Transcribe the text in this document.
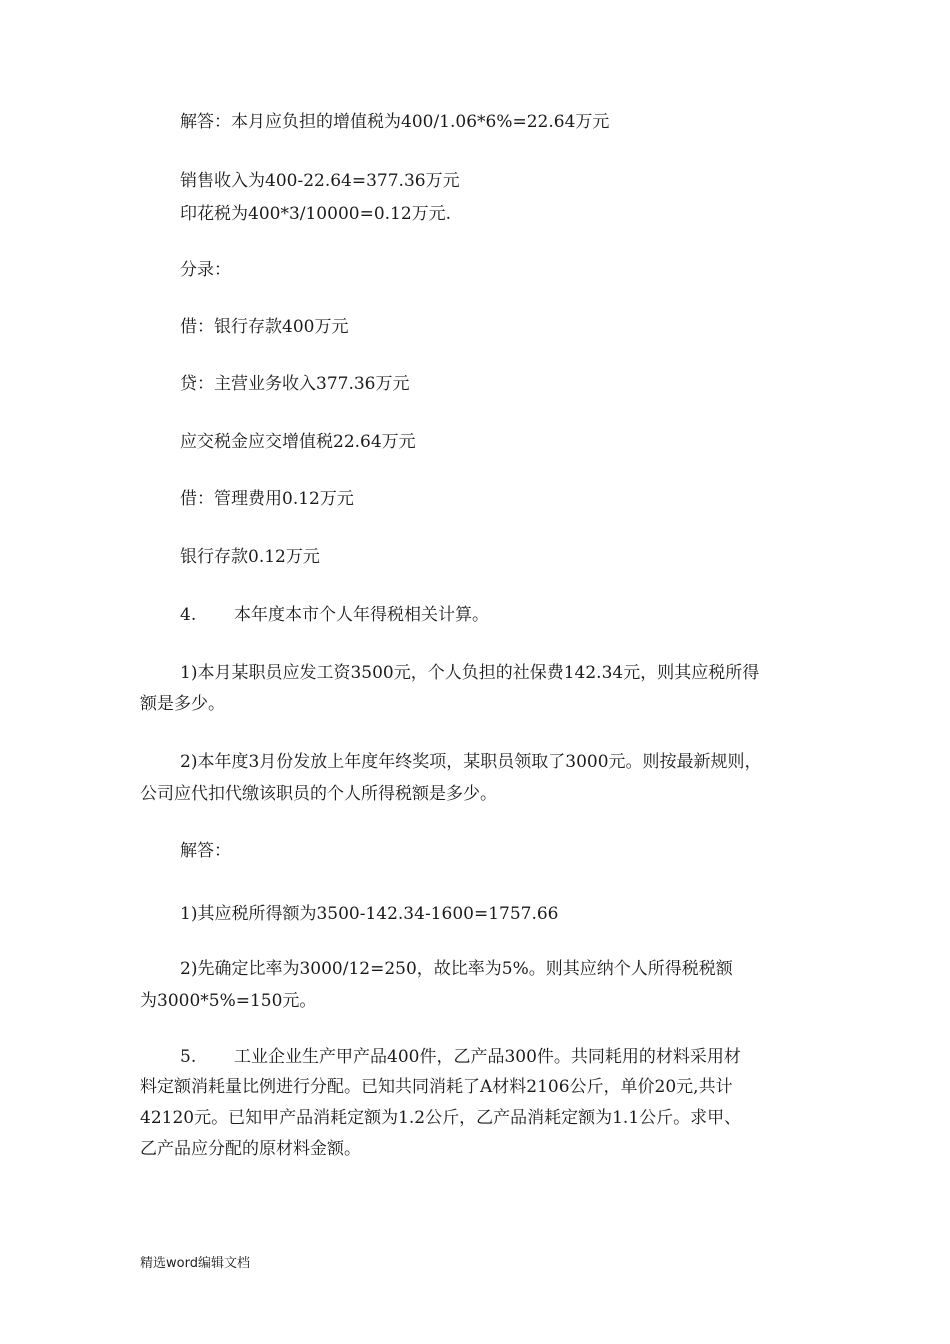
解答：本月应负担的增值税为400/1.06*6%=22.64万元

销售收入为400-22.64=377.36万元

印花税为400*3/10000=0.12万元.

分录：

借：银行存款400万元

贷：主营业务收入377.36万元

应交税金应交增值税22.64万元

借：管理费用0.12万元

银行存款0.12万元

4. 本年度本市个人年得税相关计算。

1)本月某职员应发工资3500元，个人负担的社保费142.34元，则其应税所得

额是多少。

2)本年度3月份发放上年度年终奖项，某职员领取了3000元。则按最新规则，

公司应代扣代缴该职员的个人所得税额是多少。

解答：

1)其应税所得额为3500-142.34-1600=1757.66

2)先确定比率为3000/12=250，故比率为5%。则其应纳个人所得税税额

为3000*5%=150元。

5. 工业企业生产甲产品400件，乙产品300件。共同耗用的材料采用材

料定额消耗量比例进行分配。已知共同消耗了A材料2106公斤，单价20元,共计

42120元。已知甲产品消耗定额为1.2公斤，乙产品消耗定额为1.1公斤。求甲、

乙产品应分配的原材料金额。

精选word编辑文档
